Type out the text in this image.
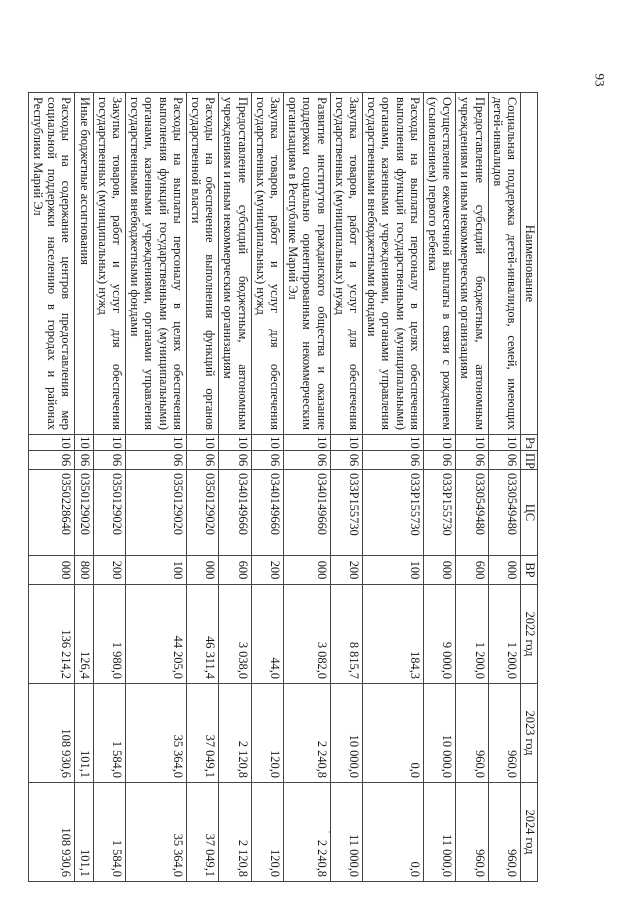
93
Наименование	Рз	ПР	ЦС	ВР	2022 год	2023 год	2024 год
Социальная поддержка детей-инвалидов, семей, имеющих детей-инвалидов	10	06	0330549480	000	1 200,0	960,0	960,0
Предоставление субсидий бюджетным, автономным учреждениям и иным некоммерческим организациям	10	06	0330549480	600	1 200,0	960,0	960,0
Осуществление ежемесячной выплаты в связи с рождением (усыновлением) первого ребенка	10	06	033P155730	000	9 000,0	10 000,0	11 000,0
Расходы на выплаты персоналу в целях обеспечения выполнения функций государственными (муниципальными) органами, казенными учреждениями, органами управления государственными внебюджетными фондами	10	06	033P155730	100	184,3	0,0	0,0
Закупка товаров, работ и услуг для обеспечения государственных (муниципальных) нужд	10	06	033P155730	200	8 815,7	10 000,0	11 000,0
Развитие институтов гражданского общества и оказание поддержки социально ориентированным некоммерческим организациям в Республике Марий Эл	10	06	0340149660	000	3 082,0	2 240,8	2 240,8
Закупка товаров, работ и услуг для обеспечения государственных (муниципальных) нужд	10	06	0340149660	200	44,0	120,0	120,0
Предоставление субсидий бюджетным, автономным учреждениям и иным некоммерческим организациям	10	06	0340149660	600	3 038,0	2 120,8	2 120,8
Расходы на обеспечение выполнения функций органов государственной власти	10	06	0350129020	000	46 311,4	37 049,1	37 049,1
Расходы на выплаты персоналу в целях обеспечения выполнения функций государственными (муниципальными) органами, казенными учреждениями, органами управления государственными внебюджетными фондами	10	06	0350129020	100	44 205,0	35 364,0	35 364,0
Закупка товаров, работ и услуг для обеспечения государственных (муниципальных) нужд	10	06	0350129020	200	1 980,0	1 584,0	1 584,0
Иные бюджетные ассигнования	10	06	0350129020	800	126,4	101,1	101,1
Расходы на содержание центров предоставления мер социальной поддержки населению в городах и районах Республики Марий Эл	10	06	0350228640	000	136 214,2	108 930,6	108 930,6
